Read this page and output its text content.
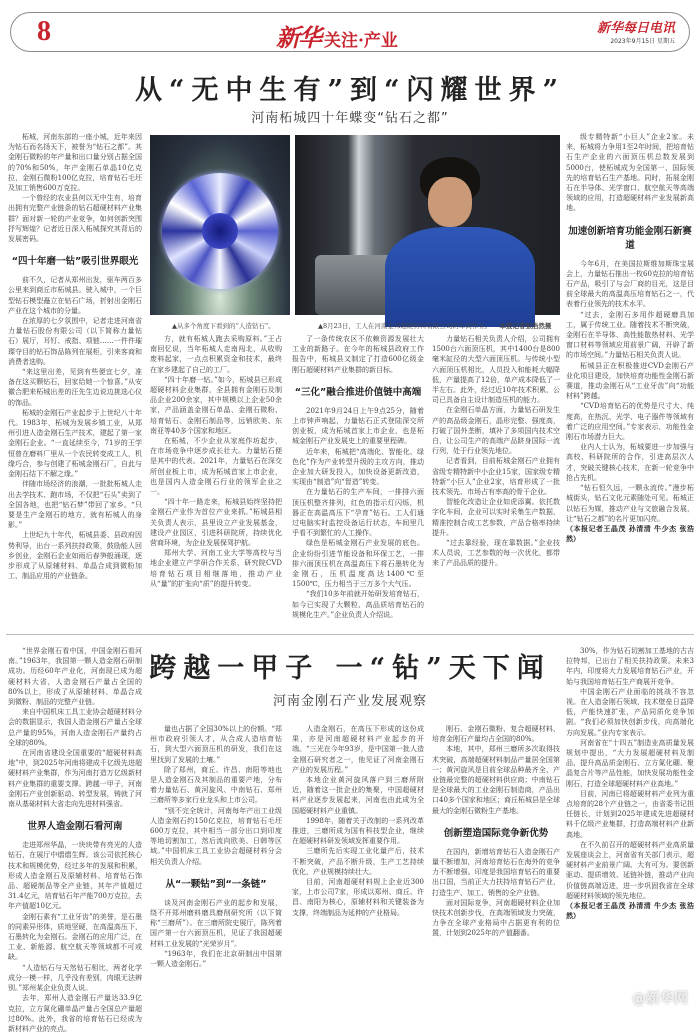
8	新华 关注·产业
新华每日电讯
2023年9月15日 星期五
从“无中生有”到“闪耀世界”
河南柘城四十年蝶变“钻石之都”

柘城，河南东部的一座小城，近年来因为钻石而名扬天下，被誉为“钻石之都”。其金刚石微粉的年产量和出口量分别占据全国的70%和50%，年产金刚石单晶10亿克拉，金刚石微粉100亿克拉，培育钻石毛坯及加工销售600万克拉。

一个曾经的农业县何以无中生有，培育出拥有完整产业链条的钻石超硬材料产业集群？面对新一轮的产业竞争，如何创新突围抒写辉煌？记者近日深入柘城探究其背后的发展密码。

“四十年磨一钻”吸引世界眼光

前不久，记者从郑州出发，驱车两百多公里来到商丘市柘城县。驶入城中，一个巨型钻石模型矗立在钻石广场，折射出金刚石产业在这个城市的分量。

在浓厚的七夕氛围中，记者走进河南省力量钻石股份有限公司（以下简称力量钻石）展厅，耳钉、戒指、项链……一件件璀璨夺目的钻石饰品陈列在展柜，引来客商和消费者选购。

“来这里出差，见到有些便宜七夕，准备在这买颗钻石，回家给她一个惊喜。”从安徽合肥来柘城出差的汪先生边说边挑选心仪的饰品。

柘城的金刚石产业起步于上世纪八十年代。1983年，柘城为发展乡镇工业，从郑州引进人造金刚石生产技术，建起了第一家金刚石企业。“一直延续至今，71岁的王学恒曾在磨料厂里从一个农民转变成工人，机缘巧合，参与创建了柘城金刚石厂，自此与金刚石结下不解之缘。”

伴随市场经济的浪潮，一批批柘城人走出去学技术、跑市场，不仅把“石头”卖到了全国各地，也把“钻石梦”带回了家乡。“只要是生产金刚石的地方，就有柘城人的身影。”

上世纪九十年代，柘城县委、县政府因势利导，出台一系列扶持政策，鼓励能人回乡创业，金刚石企业如雨后春笋般涌现，逐步形成了从原辅材料、单晶合成到微粉加工、制品应用的产业链条。

▲从多个角度下看到的“人造钻石”。	▲8月23日，工人在河南金邦超硬材料有限公司的车间作业。 本报记者张浩然摄

方，就有柘城人跑去采购原料。”王占南回忆说，当年柘城人走南闯北，从收购废料起家，一点点积累资金和技术，最终在家乡建起了自己的工厂。

“四十年磨一钻。”如今，柘城县已形成超硬材料企业集群，全县拥有金刚石及制品企业200余家，其中规模以上企业50余家，产品涵盖金刚石单晶、金刚石微粉、培育钻石、金刚石制品等，远销欧美、东南亚等40多个国家和地区。

在柘城，不少企业从家庭作坊起步，在市场竞争中逐步成长壮大。力量钻石便是其中的代表。2021年，力量钻石在深交所创业板上市，成为柘城首家上市企业，也是国内人造金刚石行业的领军企业之一。

“四十年一路走来，柘城县始终坚持把金刚石产业作为首位产业来抓。”柘城县相关负责人表示，县里设立产业发展基金，建设产业园区，引进科研院所，持续优化营商环境，为企业发展保驾护航。

郑州大学、河南工业大学等高校与当地企业建立产学研合作关系，研究院CVD培育钻石项目相继落地，推动产业从“量”的扩张向“质”的提升转变。

了一条传统农区不依赖资源发展壮大工业的新路子。在今年的柘城县政府工作报告中，柘城县又制定了打造600亿级金刚石超硬材料产业集群的新目标。

“三化”融合推进价值链中高端

2021年9月24日上午9点25分，随着上市钟声响起，力量钻石正式登陆深交所创业板，成为柘城首家上市企业，也是柘城金刚石产业发展史上的重要里程碑。

近年来，柘城把“高端化、智能化、绿色化”作为产业转型升级的主攻方向，推动企业加大研发投入，加快设备更新改造，实现由“制造”向“智造”转变。

在力量钻石的生产车间，一排排六面顶压机整齐排列，红色的指示灯闪烁，机器正在高温高压下“孕育”钻石。工人们通过电脑实时监控设备运行状态，车间里几乎看不到繁忙的人工操作。

绿色是柘城金刚石产业发展的底色。企业纷纷引进节能设备和环保工艺，一排排六面顶压机在高温高压下将石墨转化为金刚石，压机温度高达1400℃至1500℃，压力相当于三万多个大气压。

“我们10多年前就开始研发培育钻石，如今已实现了大颗粒、高品质培育钻石的规模化生产。”企业负责人介绍说。

力量钻石相关负责人介绍，公司拥有1500台六面顶压机，其中1400台是800毫米缸径的大型六面顶压机。与传统小型六面顶压机相比，人员投入和能耗大幅降低，产量提高了12倍，单产成本降低了一半左右。此外，经过近10年技术积累，公司已具备自主设计制造压机的能力。

在金刚石单晶方面，力量钻石研发生产的高品级金刚石，晶形完整、强度高，打破了国外垄断，填补了多项国内技术空白，让公司生产的高端产品跻身国际一流行列，处于行业领先地位。

记者看到，目前柘城金刚石产业拥有省级专精特新中小企业15家，国家级专精特新“小巨人”企业2家，培育形成了一批技术领先、市场占有率高的骨干企业。

智能化改造让企业如虎添翼。依托数字化车间，企业可以实时采集生产数据，精准控制合成工艺参数，产品合格率持续提升。

“过去靠经验，现在靠数据。”企业技术人员说，工艺参数的每一次优化，都带来了产品品质的提升。

级专精特新“小巨人”企业2家。未来，柘城将力争用1至2年时间，把培育钻石生产企业的六面顶压机总数发展到5000台，使柘城成为全国第一、国际领先的培育钻石生产基地。同时，拓展金刚石在半导体、光学窗口、航空航天等高端领域的应用，打造超硬材料产业发展新高地。

加速创新培育功能金刚石新赛道

今年6月，在美国拉斯维加斯珠宝展会上，力量钻石推出一枚60克拉的培育钻石产品，吸引了与会厂商的目光，这是目前全球最大的高温高压培育钻石之一，代表着行业领先的技术水平。

“过去，金刚石多用作超硬磨具加工，属于传统工业。随着技术不断突破，金刚石在半导体、高性能散热材料、光学窗口材料等领域应用前景广阔，开辟了新的市场空间。”力量钻石相关负责人说。

柘城县正在积极推进CVD金刚石产业化项目建设，加快培育功能性金刚石新赛道，推动金刚石从“工业牙齿”向“功能材料”跨越。

“CVD培育钻石的优势是尺寸大、纯度高，在热沉、光学、电子器件等领域有着广泛的应用空间。”专家表示，功能性金刚石市场潜力巨大。

业内人士认为，柘城要进一步加强与高校、科研院所的合作，引进高层次人才，突破关键核心技术，在新一轮竞争中抢占先机。

“钻石恒久远，一颗永流传。”漫步柘城街头，钻石文化元素随处可见。柘城正以钻石为媒，推动产业与文旅融合发展，让“钻石之都”的名片更加闪亮。

（本报记者王晶茂 孙清清 牛少杰 张浩然）

跨越一甲子 一“钻”天下闻
河南金刚石产业发展观察

“世界金刚石看中国，中国金刚石看河南。”1963年，我国第一颗人造金刚石研制成功。历经60年产业化，河南现已成为超硬材料大省，人造金刚石产量占全国的80%以上，形成了从原辅材料、单晶合成到微粉、制品的完整产业链。

来自中国机床工具工业协会超硬材料分会的数据显示，我国人造金刚石产量占全球总产量的95%，河南人造金刚石产量约占全球的80%。

在河南省建设全国重要的“超硬材料高地”中，到2025年河南将建成千亿级先进超硬材料产业集群，作为河南打造万亿级新材料产业集群的重要支撑。跨越一甲子，河南金刚石产业创新驱动、转型发展，铸就了河南从基础材料大省走向先进材料强省。

世界人造金刚石看河南

走进郑州华晶，一块块带有亮光的人造钻石，在展厅中熠熠生辉。该公司依托核心技术和规模优势，经过多年的发展和积累，形成人造金刚石及原辅材料、培育钻石饰品、超硬制品等全产业链，其年产值超过31.4亿元，培育钻石年产能700万克拉，去年产值超10亿元。

金刚石素有“工业牙齿”的美誉，是石墨的同素异形体，质地坚硬，在高温高压下，石墨转化为金刚石。金刚石的应用广泛，在工业、新能源、航空航天等领域都不可或缺。

“人造钻石与天然钻石相比，两者化学成分一模一样，几乎没有差别，肉眼无法辨别。”郑州某企业负责人说。

去年，郑州人造金刚石产量达33.9亿克拉，立方氮化硼单晶产量占全国总产量超过80%。此外，我省的培育钻石已经成为新材料产业的亮点。

量也占据了全国30%以上的份额。“郑州市政府引领人才，从合成人造培育钻石，到大型六面顶压机的研发，我们在这里找到了发展的土壤。”

除了郑州，商丘、许昌、南阳等地也是人造金刚石及其制品的重要产地，分布着力量钻石、黄河旋风、中南钻石、郑州三磨所等多家行业龙头和上市公司。

“别不完全统计，河南每年产出工业级人造金刚石约150亿克拉，培育钻石毛坯600万克拉，其中相当一部分出口到印度等地切割加工，然后流向欧美、日韩等区域。”中国机床工具工业协会超硬材料分会相关负责人介绍。

从“一颗钻”到“一条链”

谈及河南金刚石产业的起步和发展，绕不开郑州磨料磨具磨削研究所（以下简称“三磨所”）。在三磨所院史展厅，陈列着国产第一台六面顶压机，见证了我国超硬材料工业发展的“光荣岁月”。

“1963年，我们在北京研制出中国第一颗人造金刚石。”

人造金刚石，在高压下形成的这份成果，亦是河南超硬材料产业起步的开端。“三光在今年93岁，是中国第一批人造金刚石研究者之一，他见证了河南金刚石产业的发展历程。”

本地企业黄河旋风落户到三磨所附近，随着这一批企业的集聚，中国超硬材料产业逐步发展起来，河南也由此成为全国超硬材料产业重镇。

1998年，随着关于改制的一系列改革推进，三磨所成为国有科技型企业，继续在超硬材料研发领域发挥重要作用。

三磨所先后实现工业化量产后，技术不断突破，产品不断升级，生产工艺持续优化，产业规模持续壮大。

目前，河南超硬材料规上企业近300家，上市公司7家，形成以郑州、商丘、许昌、南阳为核心，原辅材料和关键装备为支撑，终端制品为延伸的产业格局。

刚石、金刚石微粉、复合超硬材料、培育金刚石产量均占全国的80%。

本地，其中，郑州三磨所多次取得技术突破，高端超硬材料制品产量居全国第一；黄河旋风是目前全球品种最齐全、产业链最完整的超硬材料供应商；中南钻石是全球最大的工业金刚石制造商，产品出口40多个国家和地区；商丘柘城县是全球最大的金刚石微粉生产基地。

创新塑造国际竞争新优势

在国内，新增培育钻石人造金刚石产量不断增加，河南培育钻石在海外的竞争力不断增强。印度是我国培育钻石的重要出口国，当前正大力扶持培育钻石产业，打造生产、加工、销售的全产业链。

面对国际竞争，河南超硬材料企业加快技术创新步伐，在高端领域发力突破，力争在全球产业格局中占据更有利的位置，计划到2025年的产值翻番。

30%，作为钻石切割加工基地的古吉拉特邦，已出台了相关扶持政策。未来3年内，印度将大力发展培育钻石产业，开始与我国培育钻石生产商展开竞争。

中国金刚石产业面临的挑战不容忽视。在人造金刚石领域，技术壁垒日益降低，产能快速扩张，产品同质化竞争加剧。“我们必须加快创新步伐，向高端化方向发展。”业内专家表示。

河南省在“十四五”制造业高质量发展规划中提出，“大力发展超硬材料及制品，提升高品质金刚石、立方氮化硼、聚晶复合片等产品性能，加快发展功能性金刚石，打造全球超硬材料产业高地。”

目前，河南已将超硬材料产业列为重点培育的28个产业链之一，由省委书记担任链长，计划到2025年建成先进超硬材料千亿级产业集群，打造高端材料产业新高地。

在不久前召开的超硬材料产业高质量发展座谈会上，河南省有关部门表示，超硬材料产业前景广阔、大有可为。要创新驱动、提质增效、延链补链，推动产业向价值链高端迈进，进一步巩固我省在全球超硬材料领域的领先地位。

（本报记者王晶茂 孙清清 牛少杰 张浩然）

@新华网
